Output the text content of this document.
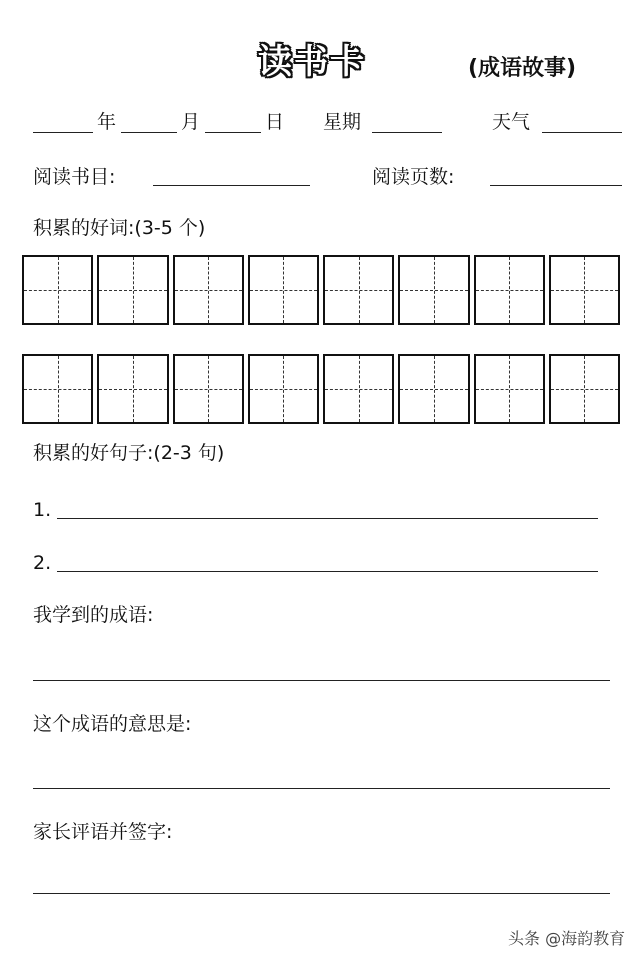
读书卡	(成语故事)
年	月	日 星期	天气
阅读书目:	阅读页数:
积累的好词:(3-5 个)
积累的好句子:(2-3 句)
1.
2.
我学到的成语:
这个成语的意思是:
家长评语并签字:
头条 @海韵教育
